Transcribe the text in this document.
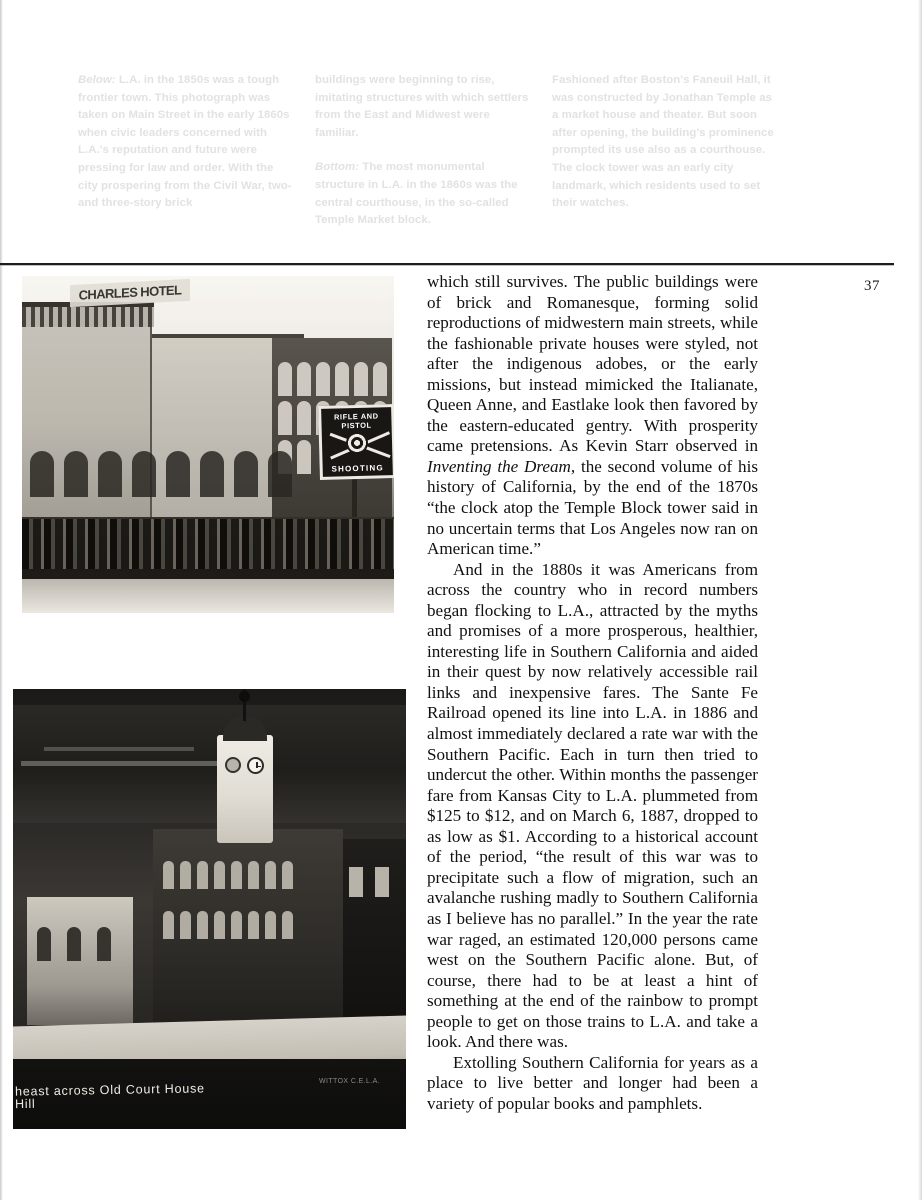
Below: L.A. in the 1850s was a tough frontier town. This photograph was taken on Main Street in the early 1860s when civic leaders concerned with L.A.'s reputation and future were pressing for law and order. With the city prospering from the Civil War, two- and three-story brick

buildings were beginning to rise, imitating structures with which settlers from the East and Midwest were familiar.

Bottom: The most monumental structure in L.A. in the 1860s was the central courthouse, in the so-called Temple Market block.

Fashioned after Boston's Faneuil Hall, it was constructed by Jonathan Temple as a market house and theater. But soon after opening, the building's prominence prompted its use also as a courthouse. The clock tower was an early city landmark, which residents used to set their watches.

37
CHARLES HOTEL
RIFLE AND PISTOL
SHOOTING

which still survives. The public buildings were of brick and Romanesque, forming solid reproductions of midwestern main streets, while the fashionable private houses were styled, not after the indigenous adobes, or the early missions, but instead mimicked the Italianate, Queen Anne, and Eastlake look then favored by the eastern-educated gentry. With prosperity came pretensions. As Kevin Starr observed in Inventing the Dream, the second volume of his history of California, by the end of the 1870s “the clock atop the Temple Block tower said in no uncertain terms that Los Angeles now ran on American time.”

And in the 1880s it was Americans from across the country who in record numbers began flocking to L.A., attracted by the myths and promises of a more prosperous, healthier, interesting life in Southern California and aided in their quest by now relatively accessible rail links and inexpensive fares. The Sante Fe Railroad opened its line into L.A. in 1886 and almost immediately declared a rate war with the Southern Pacific. Each in turn then tried to undercut the other. Within months the passenger fare from Kansas City to L.A. plummeted from $125 to $12, and on March 6, 1887, dropped to as low as $1. According to a historical account of the period, “the result of this war was to precipitate such a flow of migration, such an avalanche rushing madly to Southern California as I believe has no parallel.” In the year the rate war raged, an estimated 120,000 persons came west on the Southern Pacific alone. But, of course, there had to be at least a hint of something at the end of the rainbow to prompt people to get on those trains to L.A. and take a look. And there was.

Extolling Southern California for years as a place to live better and longer had been a variety of popular books and pamphlets.

heast across Old Court House
Hill
WITTOX C.E.L.A.
